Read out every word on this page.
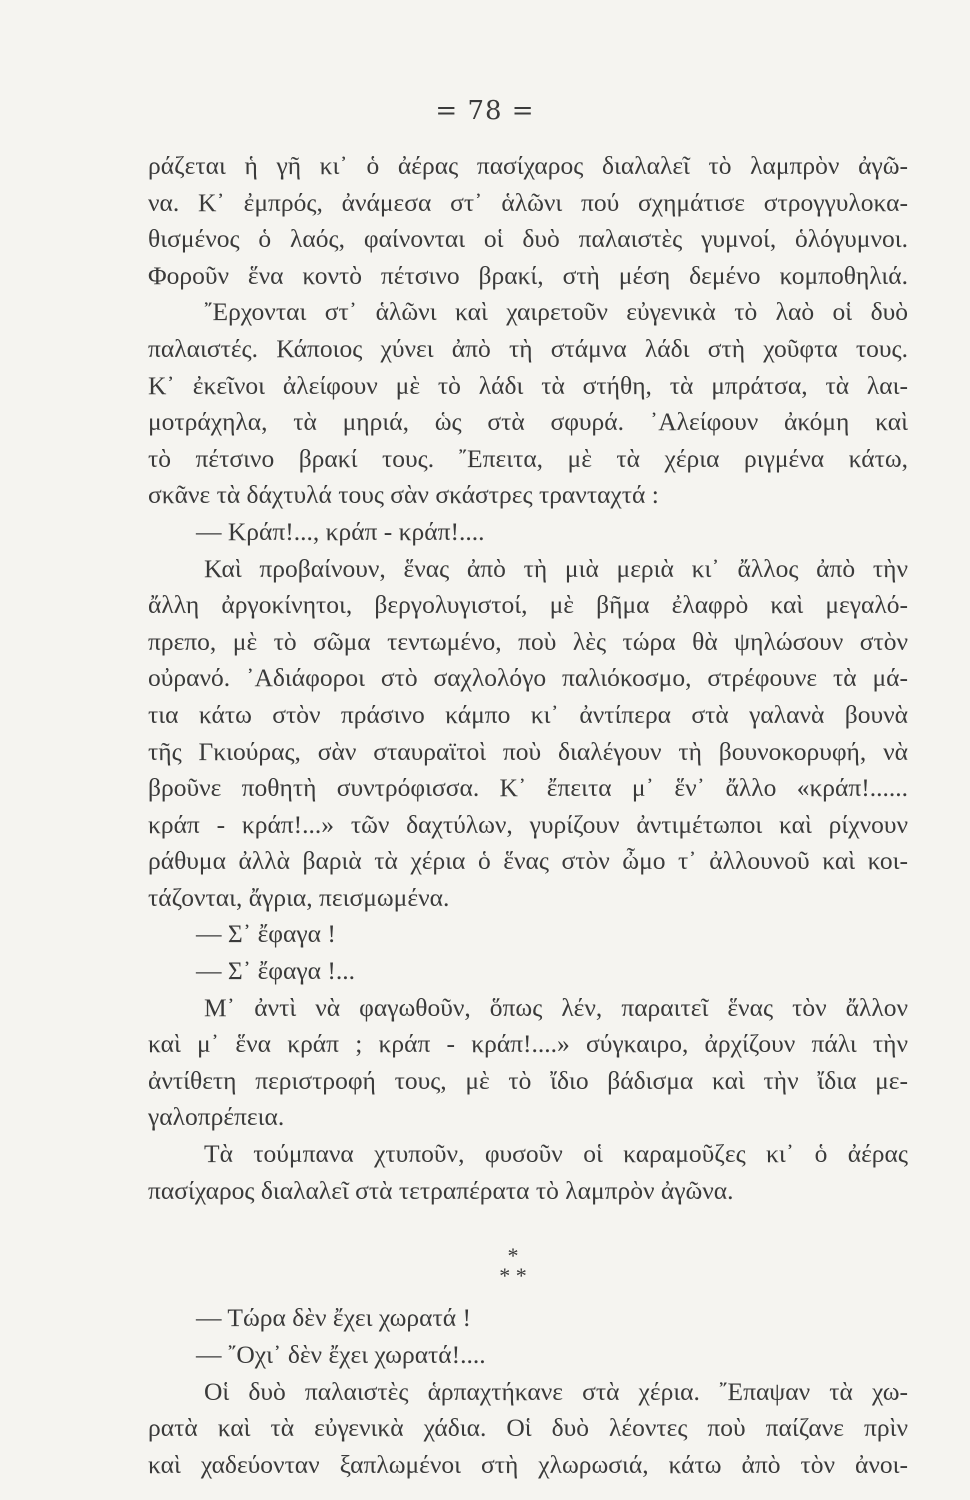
= 78 =
ράζεται ἡ γῆ κι᾽ ὁ ἀέρας πασίχαρος διαλαλεῖ τὸ λαμπρὸν ἀγῶ-
να. Κ᾽ ἐμπρός, ἀνάμεσα στ᾽ ἁλῶνι πού σχημάτισε στρογγυλοκα-
θισμένος ὁ λαός, φαίνονται οἱ δυὸ παλαιστὲς γυμνοί, ὁλόγυμνοι.
Φοροῦν ἕνα κοντὸ πέτσινο βρακί, στὴ μέση δεμένο κομποθηλιά.
῎Ερχονται στ᾽ ἁλῶνι καὶ χαιρετοῦν εὐγενικὰ τὸ λαὸ οἱ δυὸ
παλαιστές. Κάποιος χύνει ἀπὸ τὴ στάμνα λάδι στὴ χοῦφτα τους.
Κ᾽ ἐκεῖνοι ἀλείφουν μὲ τὸ λάδι τὰ στήθη, τὰ μπράτσα, τὰ λαι-
μοτράχηλα, τὰ μηριά, ὡς στὰ σφυρά. ᾽Αλείφουν ἀκόμη καὶ
τὸ πέτσινο βρακί τους. ῎Επειτα, μὲ τὰ χέρια ριγμένα κάτω,
σκᾶνε τὰ δάχτυλά τους σὰν σκάστρες τρανταχτά :
— Κράπ!..., κράπ - κράπ!....
Καὶ προβαίνουν, ἕνας ἀπὸ τὴ μιὰ μεριὰ κι᾽ ἄλλος ἀπὸ τὴν
ἄλλη ἀργοκίνητοι, βεργολυγιστοί, μὲ βῆμα ἐλαφρὸ καὶ μεγαλό-
πρεπο, μὲ τὸ σῶμα τεντωμένο, ποὺ λὲς τώρα θὰ ψηλώσουν στὸν
οὐρανό. ᾽Αδιάφοροι στὸ σαχλολόγο παλιόκοσμο, στρέφουνε τὰ μά-
τια κάτω στὸν πράσινο κάμπο κι᾽ ἀντίπερα στὰ γαλανὰ βουνὰ
τῆς Γκιούρας, σὰν σταυραϊτοὶ ποὺ διαλέγουν τὴ βουνοκορυφή, νὰ
βροῦνε ποθητὴ συντρόφισσα. Κ᾽ ἔπειτα μ᾽ ἕν᾽ ἄλλο «κράπ!......
κράπ - κράπ!...» τῶν δαχτύλων, γυρίζουν ἀντιμέτωποι καὶ ρίχνουν
ράθυμα ἀλλὰ βαριὰ τὰ χέρια ὁ ἕνας στὸν ὦμο τ᾽ ἀλλουνοῦ καὶ κοι-
τάζονται, ἄγρια, πεισμωμένα.
— Σ᾽ ἔφαγα !
— Σ᾽ ἔφαγα !...
Μ᾽ ἀντὶ νὰ φαγωθοῦν, ὅπως λέν, παραιτεῖ ἕνας τὸν ἄλλον
καὶ μ᾽ ἕνα κράπ ; κράπ - κράπ!....» σύγκαιρο, ἀρχίζουν πάλι τὴν
ἀντίθετη περιστροφή τους, μὲ τὸ ἴδιο βάδισμα καὶ τὴν ἴδια με-
γαλοπρέπεια.
Τὰ τούμπανα χτυποῦν, φυσοῦν οἱ καραμοῦζες κι᾽ ὁ ἀέρας
πασίχαρος διαλαλεῖ στὰ τετραπέρατα τὸ λαμπρὸν ἀγῶνα.
*
* *
— Τώρα δὲν ἔχει χωρατά !
— ῎Οχι᾽ δὲν ἔχει χωρατά!....
Οἱ δυὸ παλαιστὲς ἁρπαχτήκανε στὰ χέρια. ῎Επαψαν τὰ χω-
ρατὰ καὶ τὰ εὐγενικὰ χάδια. Οἱ δυὸ λέοντες ποὺ παίζανε πρὶν
καὶ χαδεύονταν ξαπλωμένοι στὴ χλωρωσιά, κάτω ἀπὸ τὸν ἀνοι-
